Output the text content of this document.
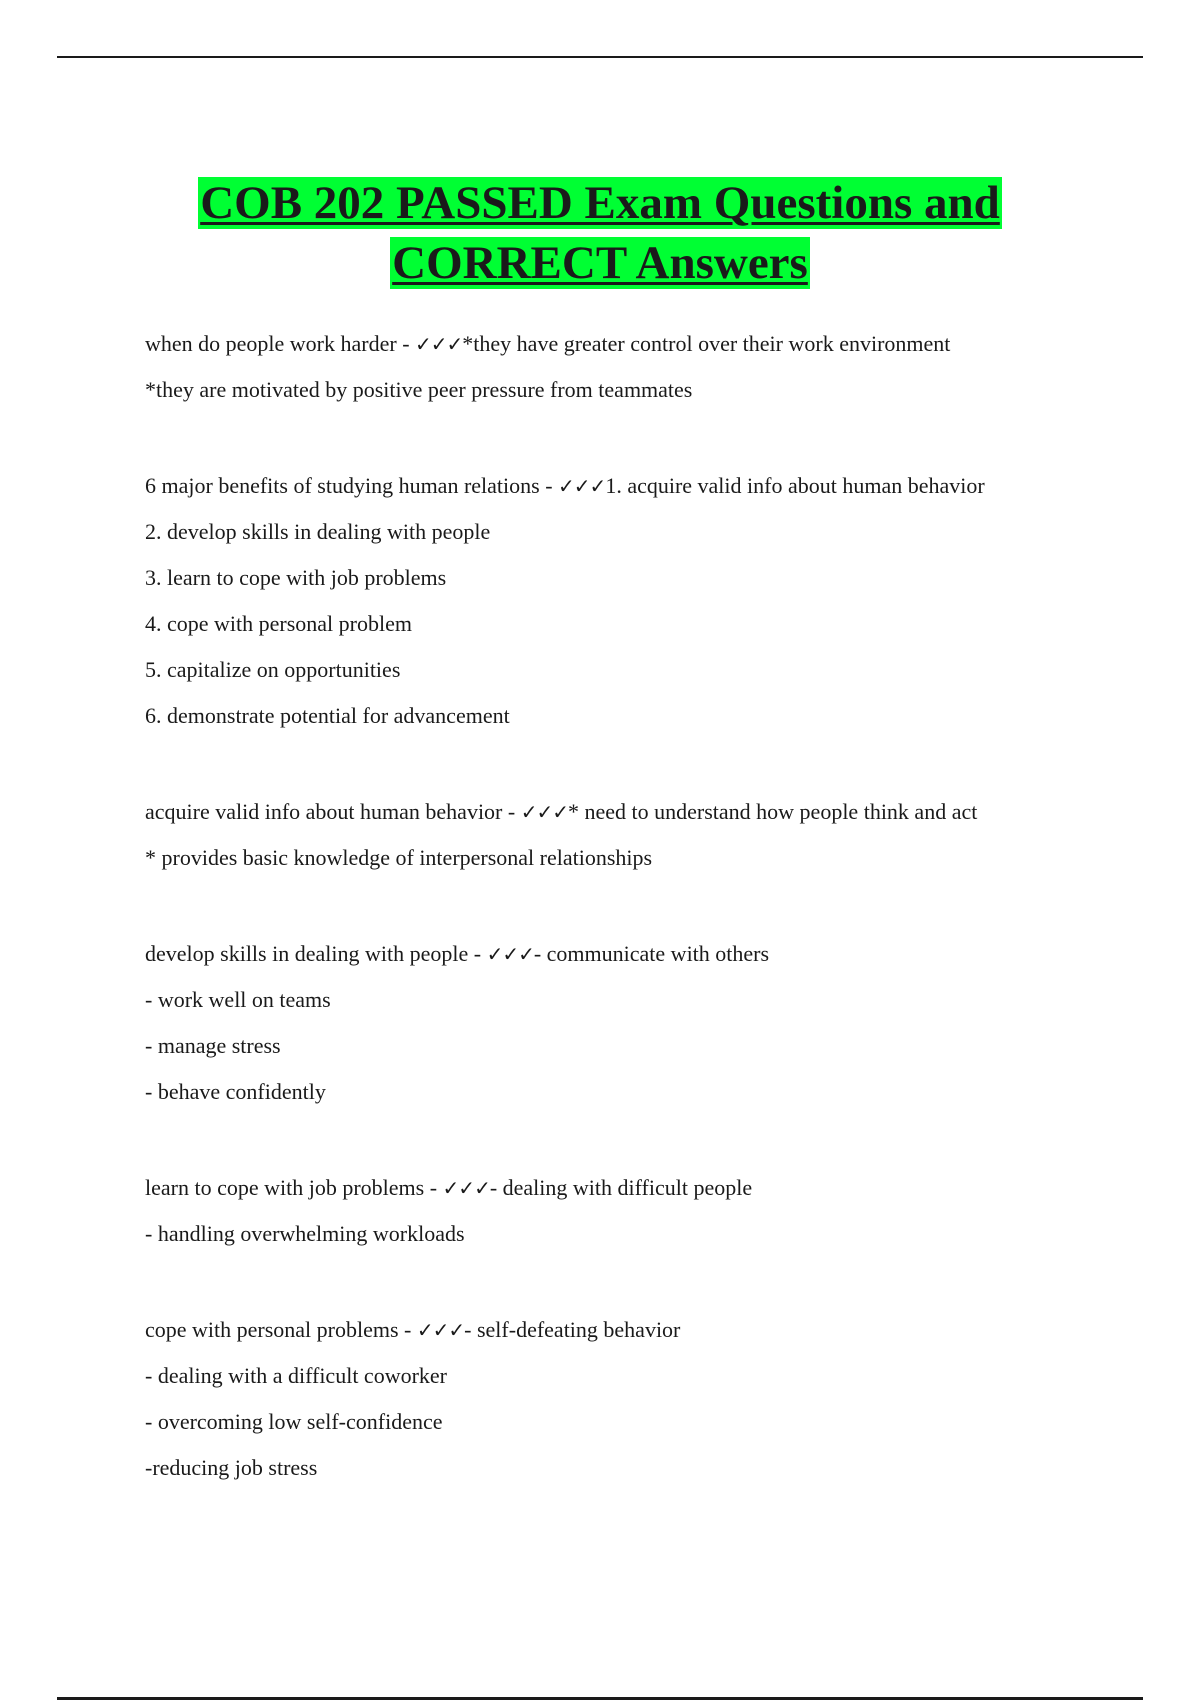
COB 202 PASSED Exam Questions and
CORRECT Answers

when do people work harder - ✓✓✓*they have greater control over their work environment

*they are motivated by positive peer pressure from teammates

6 major benefits of studying human relations - ✓✓✓1. acquire valid info about human behavior

2. develop skills in dealing with people

3. learn to cope with job problems

4. cope with personal problem

5. capitalize on opportunities

6. demonstrate potential for advancement

acquire valid info about human behavior - ✓✓✓* need to understand how people think and act

* provides basic knowledge of interpersonal relationships

develop skills in dealing with people - ✓✓✓- communicate with others

- work well on teams

- manage stress

- behave confidently

learn to cope with job problems - ✓✓✓- dealing with difficult people

- handling overwhelming workloads

cope with personal problems - ✓✓✓- self-defeating behavior

- dealing with a difficult coworker

- overcoming low self-confidence

-reducing job stress
